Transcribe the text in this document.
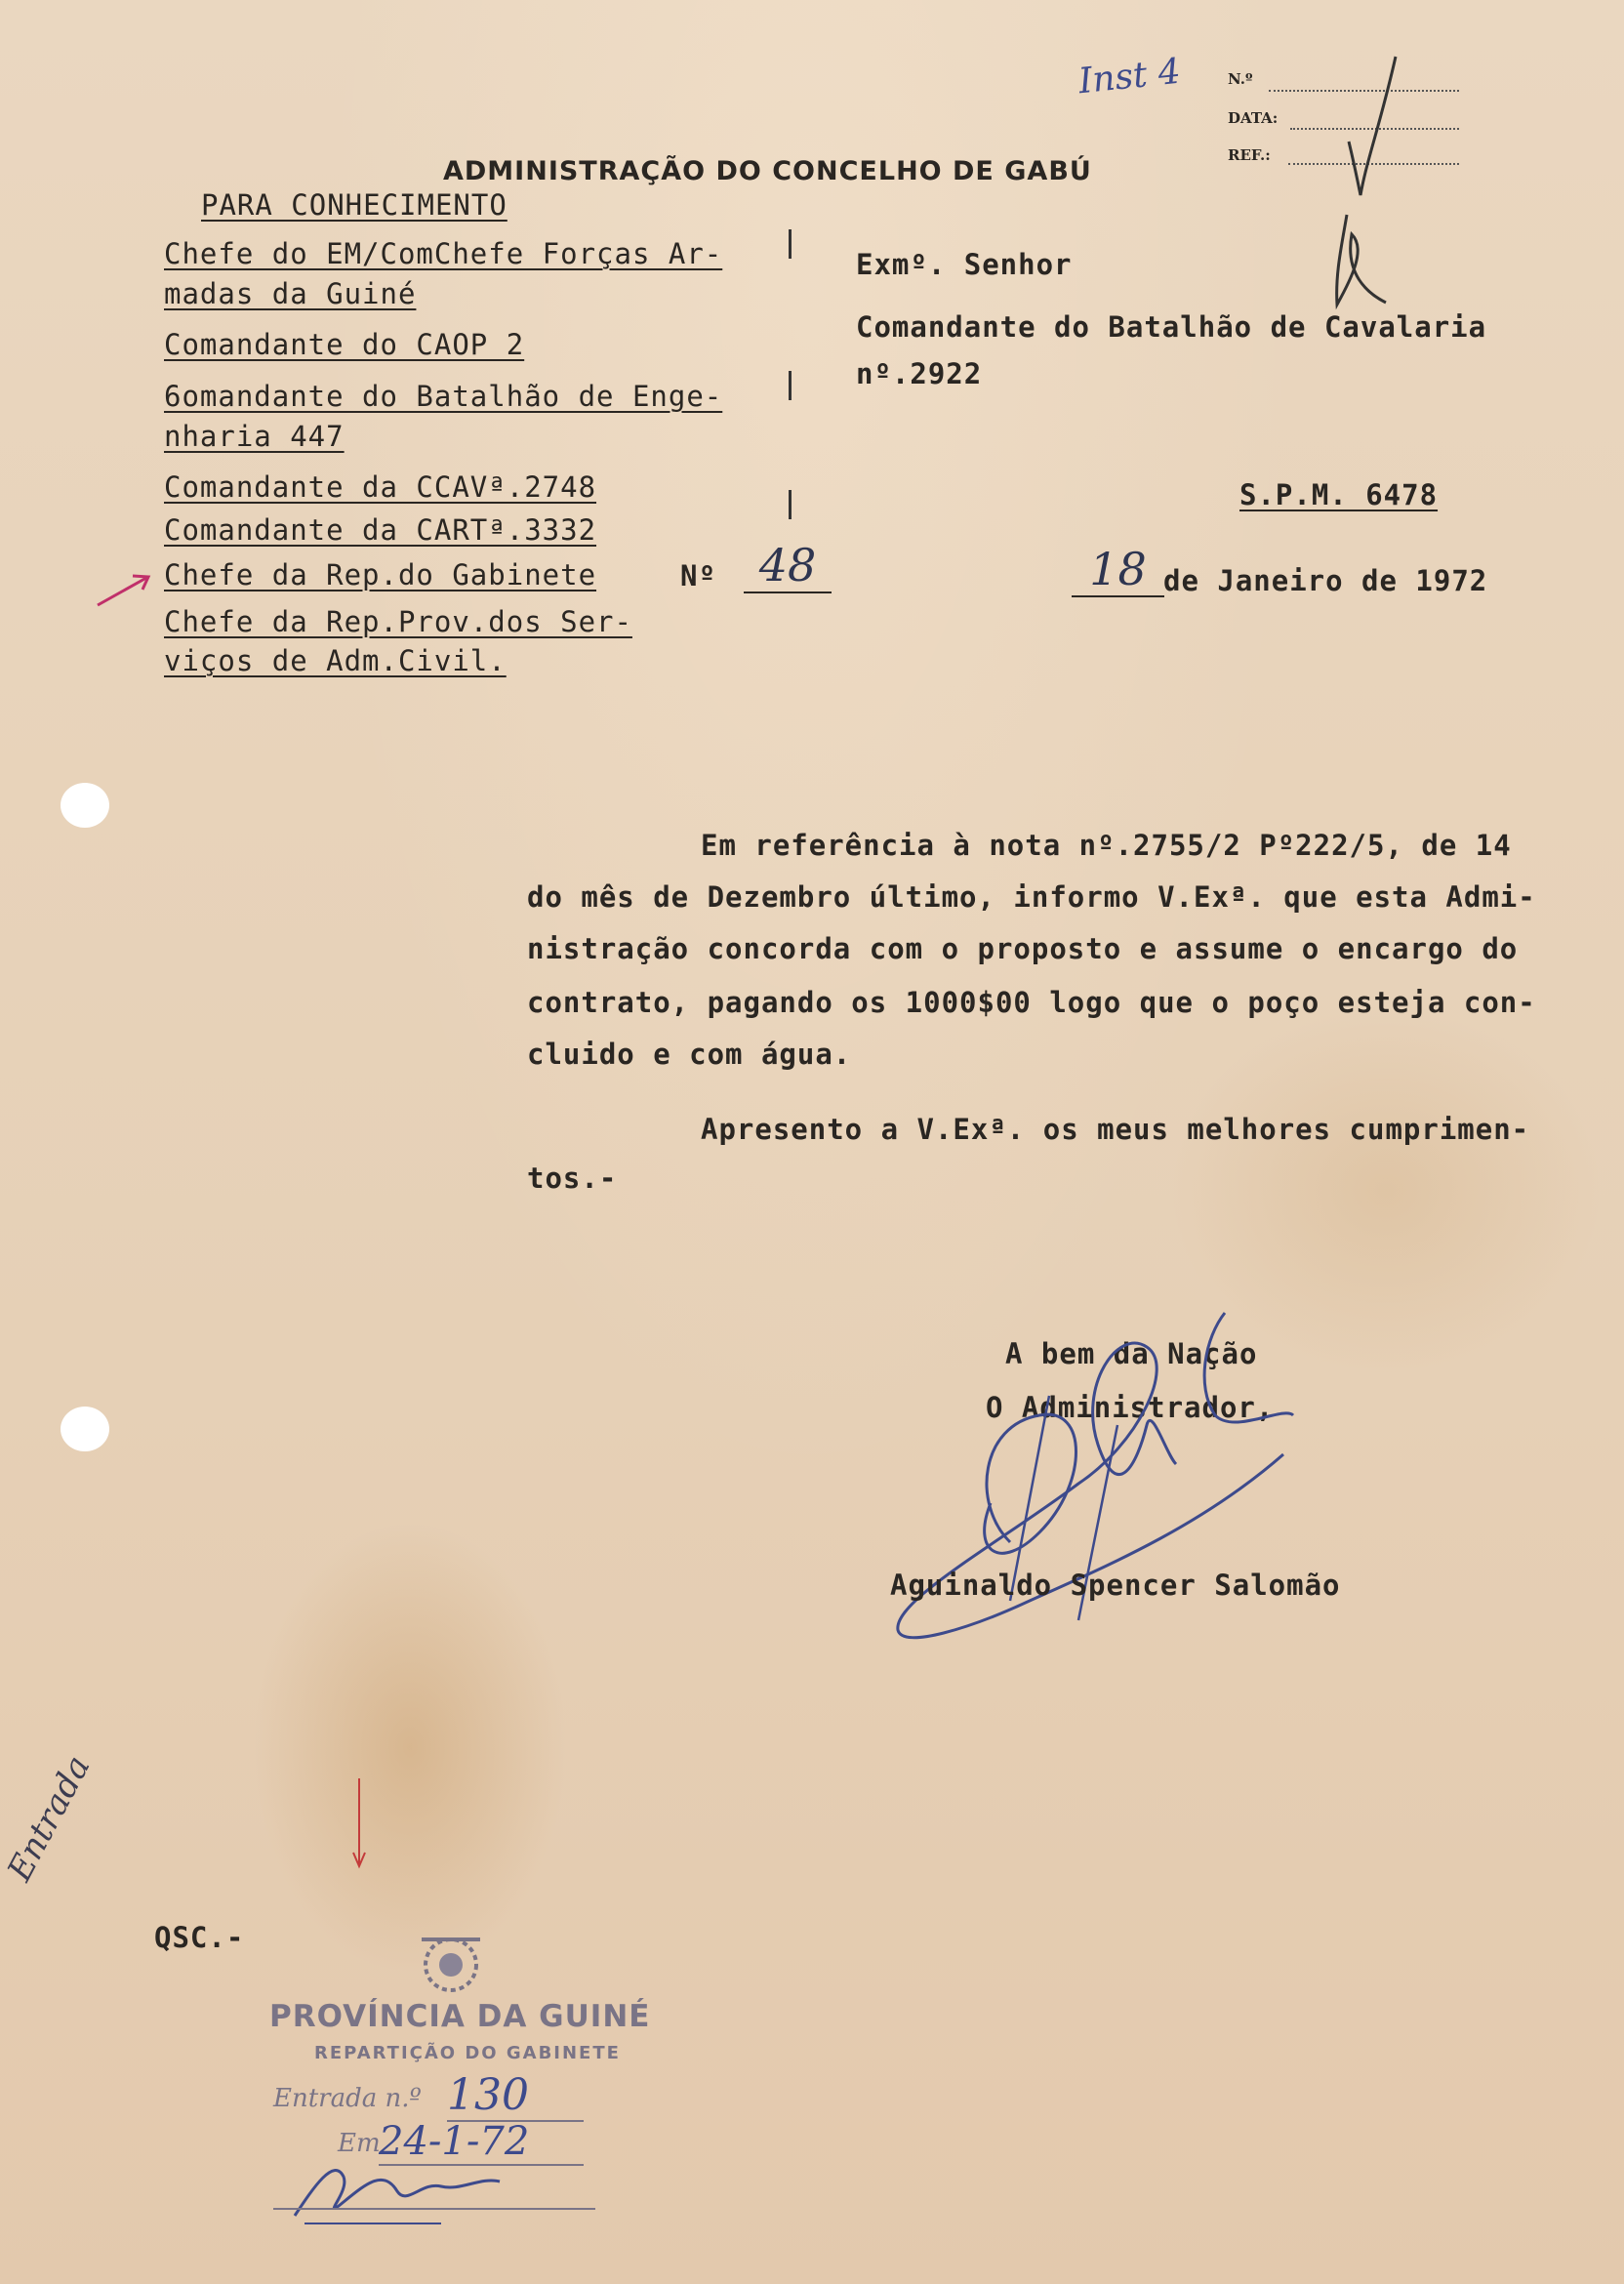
Inst 4	N.º
DATA:
REF.:
ADMINISTRAÇÃO DO CONCELHO DE GABÚ
PARA CONHECIMENTO
Chefe do EM/ComChefe Forças Ar-
madas da Guiné
Comandante do CAOP 2
6omandante do Batalhão de Enge-
nharia 447
Comandante da CCAVª.2748
Comandante da CARTª.3332
Chefe da Rep.do Gabinete
Chefe da Rep.Prov.dos Ser-
viços de Adm.Civil.
Nº 48
Exmº. Senhor
Comandante do Batalhão de Cavalaria
nº.2922
S.P.M. 6478
18 de Janeiro de 1972
Em referência à nota nº.2755/2 Pº222/5, de 14
do mês de Dezembro último, informo V.Exª. que esta Admi-
nistração concorda com o proposto e assume o encargo do
contrato, pagando os 1000$00 logo que o poço esteja con-
cluido e com água.
Apresento a V.Exª. os meus melhores cumprimen-
tos.-
A bem da Nação
O Administrador,
Aguinaldo Spencer Salomão
Entrada
QSC.-
PROVÍNCIA DA GUINÉ
REPARTIÇÃO DO GABINETE
Entrada n.º 130
Em
24-1-72
